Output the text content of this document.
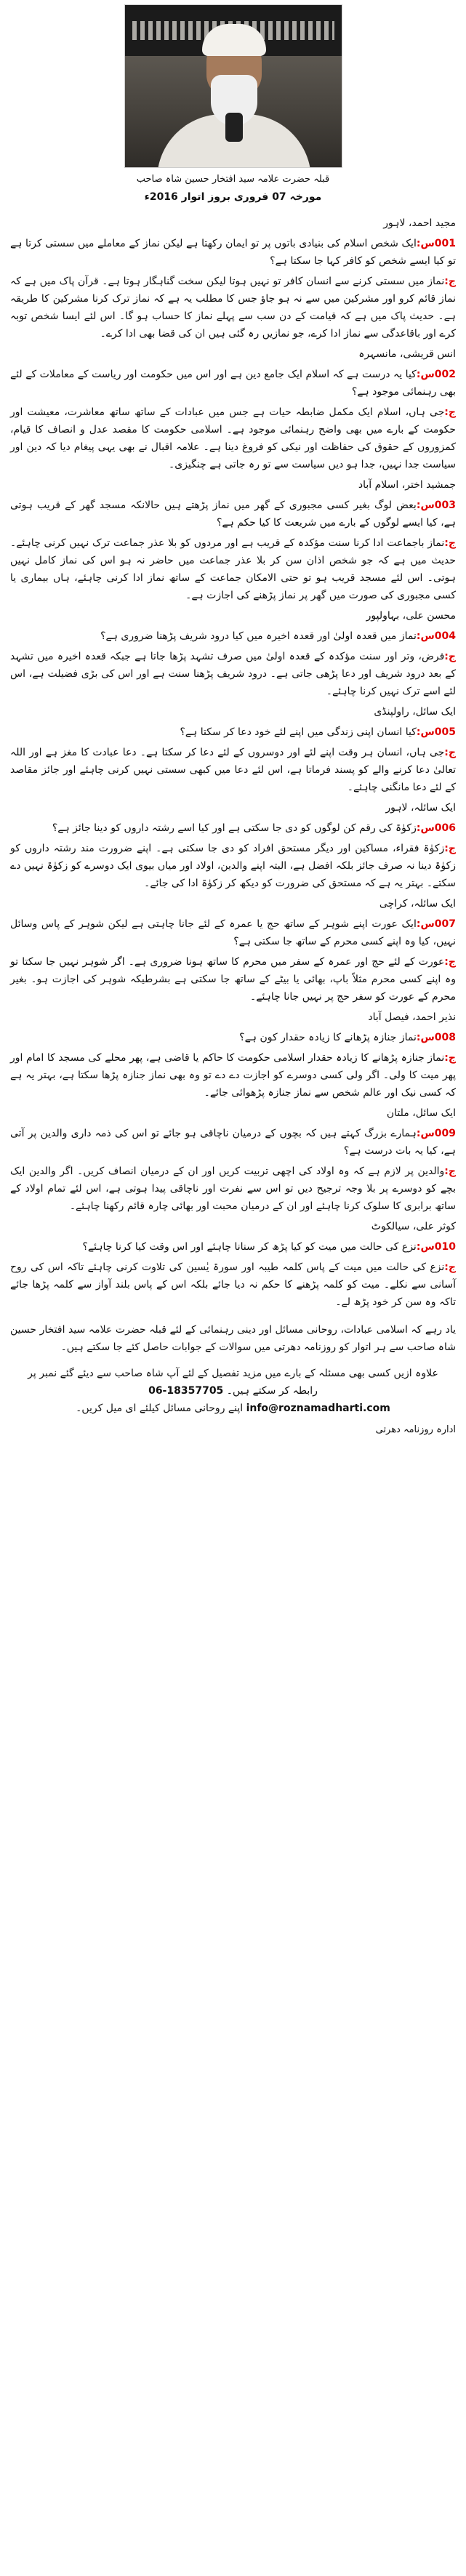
قبلہ حضرت علامہ سید افتخار حسین شاہ صاحب
مورخہ 07 فروری بروز اتوار 2016ء

مجید احمد، لاہور

001س:ایک شخص اسلام کی بنیادی باتوں پر تو ایمان رکھتا ہے لیکن نماز کے معاملے میں سستی کرتا ہے تو کیا ایسے شخص کو کافر کہا جا سکتا ہے؟

ج:نماز میں سستی کرنے سے انسان کافر تو نہیں ہوتا لیکن سخت گناہگار ہوتا ہے۔ قرآن پاک میں ہے کہ نماز قائم کرو اور مشرکین میں سے نہ ہو جاؤ جس کا مطلب یہ ہے کہ نماز ترک کرنا مشرکین کا طریقہ ہے۔ حدیث پاک میں ہے کہ قیامت کے دن سب سے پہلے نماز کا حساب ہو گا۔ اس لئے ایسا شخص توبہ کرے اور باقاعدگی سے نماز ادا کرے، جو نمازیں رہ گئی ہیں ان کی قضا بھی ادا کرے۔

انس قریشی، مانسہرہ

002س:کیا یہ درست ہے کہ اسلام ایک جامع دین ہے اور اس میں حکومت اور ریاست کے معاملات کے لئے بھی رہنمائی موجود ہے؟

ج:جی ہاں، اسلام ایک مکمل ضابطہ حیات ہے جس میں عبادات کے ساتھ ساتھ معاشرت، معیشت اور حکومت کے بارے میں بھی واضح رہنمائی موجود ہے۔ اسلامی حکومت کا مقصد عدل و انصاف کا قیام، کمزوروں کے حقوق کی حفاظت اور نیکی کو فروغ دینا ہے۔ علامہ اقبال نے بھی یہی پیغام دیا کہ دین اور سیاست جدا نہیں، جدا ہو دیں سیاست سے تو رہ جاتی ہے چنگیزی۔

جمشید اختر، اسلام آباد

003س:بعض لوگ بغیر کسی مجبوری کے گھر میں نماز پڑھتے ہیں حالانکہ مسجد گھر کے قریب ہوتی ہے، کیا ایسے لوگوں کے بارے میں شریعت کا کیا حکم ہے؟

ج:نماز باجماعت ادا کرنا سنت مؤکدہ کے قریب ہے اور مردوں کو بلا عذر جماعت ترک نہیں کرنی چاہئے۔ حدیث میں ہے کہ جو شخص اذان سن کر بلا عذر جماعت میں حاضر نہ ہو اس کی نماز کامل نہیں ہوتی۔ اس لئے مسجد قریب ہو تو حتی الامکان جماعت کے ساتھ نماز ادا کرنی چاہئے، ہاں بیماری یا کسی مجبوری کی صورت میں گھر پر نماز پڑھنے کی اجازت ہے۔

محسن علی، بہاولپور

004س:نماز میں قعدہ اولیٰ اور قعدہ اخیرہ میں کیا درود شریف پڑھنا ضروری ہے؟

ج:فرض، وتر اور سنت مؤکدہ کے قعدہ اولیٰ میں صرف تشہد پڑھا جاتا ہے جبکہ قعدہ اخیرہ میں تشہد کے بعد درود شریف اور دعا پڑھی جاتی ہے۔ درود شریف پڑھنا سنت ہے اور اس کی بڑی فضیلت ہے، اس لئے اسے ترک نہیں کرنا چاہئے۔

ایک سائل، راولپنڈی

005س:کیا انسان اپنی زندگی میں اپنے لئے خود دعا کر سکتا ہے؟

ج:جی ہاں، انسان ہر وقت اپنے لئے اور دوسروں کے لئے دعا کر سکتا ہے۔ دعا عبادت کا مغز ہے اور اللہ تعالیٰ دعا کرنے والے کو پسند فرماتا ہے، اس لئے دعا میں کبھی سستی نہیں کرنی چاہئے اور جائز مقاصد کے لئے دعا مانگنی چاہئے۔

ایک سائلہ، لاہور

006س:زکوٰۃ کی رقم کن لوگوں کو دی جا سکتی ہے اور کیا اسے رشتہ داروں کو دینا جائز ہے؟

ج:زکوٰۃ فقراء، مساکین اور دیگر مستحق افراد کو دی جا سکتی ہے۔ اپنے ضرورت مند رشتہ داروں کو زکوٰۃ دینا نہ صرف جائز بلکہ افضل ہے، البتہ اپنے والدین، اولاد اور میاں بیوی ایک دوسرے کو زکوٰۃ نہیں دے سکتے۔ بہتر یہ ہے کہ مستحق کی ضرورت کو دیکھ کر زکوٰۃ ادا کی جائے۔

ایک سائلہ، کراچی

007س:ایک عورت اپنے شوہر کے ساتھ حج یا عمرہ کے لئے جانا چاہتی ہے لیکن شوہر کے پاس وسائل نہیں، کیا وہ اپنے کسی محرم کے ساتھ جا سکتی ہے؟

ج:عورت کے لئے حج اور عمرہ کے سفر میں محرم کا ساتھ ہونا ضروری ہے۔ اگر شوہر نہیں جا سکتا تو وہ اپنے کسی محرم مثلاً باپ، بھائی یا بیٹے کے ساتھ جا سکتی ہے بشرطیکہ شوہر کی اجازت ہو۔ بغیر محرم کے عورت کو سفر حج پر نہیں جانا چاہئے۔

نذیر احمد، فیصل آباد

008س:نماز جنازہ پڑھانے کا زیادہ حقدار کون ہے؟

ج:نماز جنازہ پڑھانے کا زیادہ حقدار اسلامی حکومت کا حاکم یا قاضی ہے، پھر محلے کی مسجد کا امام اور پھر میت کا ولی۔ اگر ولی کسی دوسرے کو اجازت دے دے تو وہ بھی نماز جنازہ پڑھا سکتا ہے، بہتر یہ ہے کہ کسی نیک اور عالم شخص سے نماز جنازہ پڑھوائی جائے۔

ایک سائل، ملتان

009س:ہمارے بزرگ کہتے ہیں کہ بچوں کے درمیان ناچاقی ہو جائے تو اس کی ذمہ داری والدین پر آتی ہے، کیا یہ بات درست ہے؟

ج:والدین پر لازم ہے کہ وہ اولاد کی اچھی تربیت کریں اور ان کے درمیان انصاف کریں۔ اگر والدین ایک بچے کو دوسرے پر بلا وجہ ترجیح دیں تو اس سے نفرت اور ناچاقی پیدا ہوتی ہے، اس لئے تمام اولاد کے ساتھ برابری کا سلوک کرنا چاہئے اور ان کے درمیان محبت اور بھائی چارہ قائم رکھنا چاہئے۔

کوثر علی، سیالکوٹ

010س:نزع کی حالت میں میت کو کیا پڑھ کر سنانا چاہئے اور اس وقت کیا کرنا چاہئے؟

ج:نزع کی حالت میں میت کے پاس کلمہ طیبہ اور سورۃ یٰسین کی تلاوت کرنی چاہئے تاکہ اس کی روح آسانی سے نکلے۔ میت کو کلمہ پڑھنے کا حکم نہ دیا جائے بلکہ اس کے پاس بلند آواز سے کلمہ پڑھا جائے تاکہ وہ سن کر خود پڑھ لے۔

یاد رہے کہ اسلامی عبادات، روحانی مسائل اور دینی رہنمائی کے لئے قبلہ حضرت علامہ سید افتخار حسین شاہ صاحب سے ہر اتوار کو روزنامہ دھرتی میں سوالات کے جوابات حاصل کئے جا سکتے ہیں۔

علاوہ ازیں کسی بھی مسئلہ کے بارے میں مزید تفصیل کے لئے آپ شاہ صاحب سے دیئے گئے نمبر پر
رابطہ کر سکتے ہیں۔ 06-18357705
info@roznamadharti.com اپنے روحانی مسائل کیلئے ای میل کریں۔
ادارہ روزنامہ دھرتی
